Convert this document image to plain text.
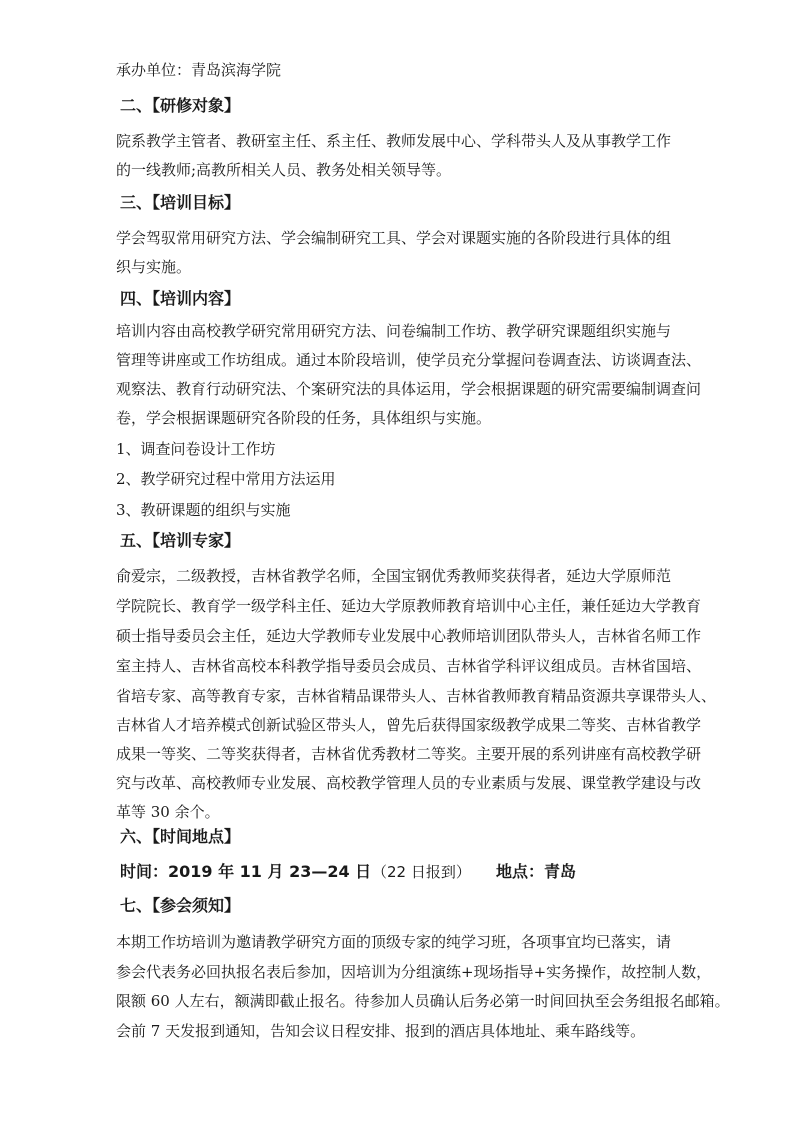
承办单位：青岛滨海学院
二、【研修对象】
院系教学主管者、教研室主任、系主任、教师发展中心、学科带头人及从事教学工作
的一线教师;高教所相关人员、教务处相关领导等。
三、【培训目标】
学会驾驭常用研究方法、学会编制研究工具、学会对课题实施的各阶段进行具体的组
织与实施。
四、【培训内容】
培训内容由高校教学研究常用研究方法、问卷编制工作坊、教学研究课题组织实施与
管理等讲座或工作坊组成。通过本阶段培训，使学员充分掌握问卷调查法、访谈调查法、
观察法、教育行动研究法、个案研究法的具体运用，学会根据课题的研究需要编制调查问
卷，学会根据课题研究各阶段的任务，具体组织与实施。
1、调查问卷设计工作坊
2、教学研究过程中常用方法运用
3、教研课题的组织与实施
五、【培训专家】
俞爱宗，二级教授，吉林省教学名师，全国宝钢优秀教师奖获得者，延边大学原师范
学院院长、教育学一级学科主任、延边大学原教师教育培训中心主任，兼任延边大学教育
硕士指导委员会主任，延边大学教师专业发展中心教师培训团队带头人，吉林省名师工作
室主持人、吉林省高校本科教学指导委员会成员、吉林省学科评议组成员。吉林省国培、
省培专家、高等教育专家，吉林省精品课带头人、吉林省教师教育精品资源共享课带头人、
吉林省人才培养模式创新试验区带头人，曾先后获得国家级教学成果二等奖、吉林省教学
成果一等奖、二等奖获得者，吉林省优秀教材二等奖。主要开展的系列讲座有高校教学研
究与改革、高校教师专业发展、高校教学管理人员的专业素质与发展、课堂教学建设与改
革等 30 余个。
六、【时间地点】
时间：2019 年 11 月 23—24 日（22 日报到） 地点：青岛
七、【参会须知】
本期工作坊培训为邀请教学研究方面的顶级专家的纯学习班，各项事宜均已落实，请
参会代表务必回执报名表后参加，因培训为分组演练+现场指导+实务操作，故控制人数，
限额 60 人左右，额满即截止报名。待参加人员确认后务必第一时间回执至会务组报名邮箱。
会前 7 天发报到通知，告知会议日程安排、报到的酒店具体地址、乘车路线等。
